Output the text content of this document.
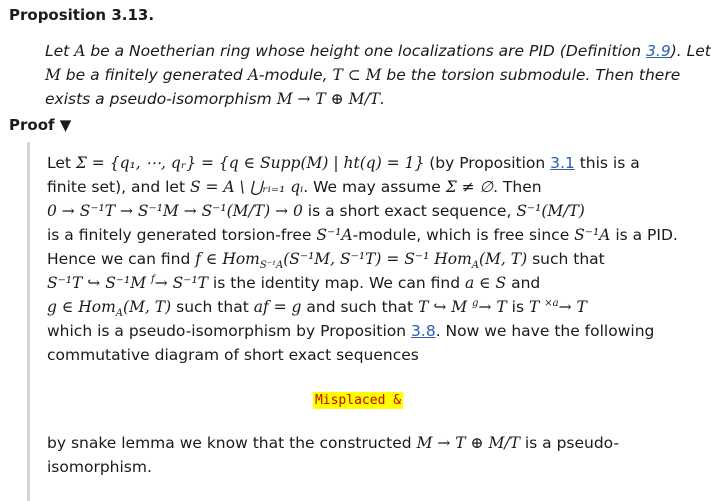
Proposition 3.13.
Let A be a Noetherian ring whose height one localizations are PID (Definition 3.9). Let
M be a finitely generated A-module, T ⊂ M be the torsion submodule. Then there
exists a pseudo-isomorphism M → T ⊕ M/T.
Proof ▼
Let Σ = {q₁, ⋯, qᵣ} = {q ∈ Supp(M) | ht(q) = 1} (by Proposition 3.1 this is a
finite set), and let S = A \ ⋃ᵣᵢ₌₁ qᵢ. We may assume Σ ≠ ∅. Then
0 → S⁻¹T → S⁻¹M → S⁻¹(M/T) → 0 is a short exact sequence, S⁻¹(M/T)
is a finitely generated torsion-free S⁻¹A-module, which is free since S⁻¹A is a PID.
Hence we can find f ∈ Hom$_{S^{-1}A}$(S⁻¹M, S⁻¹T) = S⁻¹ Hom$_A$(M, T) such that
S⁻¹T ↪ S⁻¹M $^f$→ S⁻¹T is the identity map. We can find a ∈ S and
g ∈ Hom$_A$(M, T) such that af = g and such that T ↪ M $^g$→ T is T $^{\times a}$→ T
which is a pseudo-isomorphism by Proposition 3.8. Now we have the following
commutative diagram of short exact sequences
Misplaced &
by snake lemma we know that the constructed M → T ⊕ M/T is a pseudo-
isomorphism.
